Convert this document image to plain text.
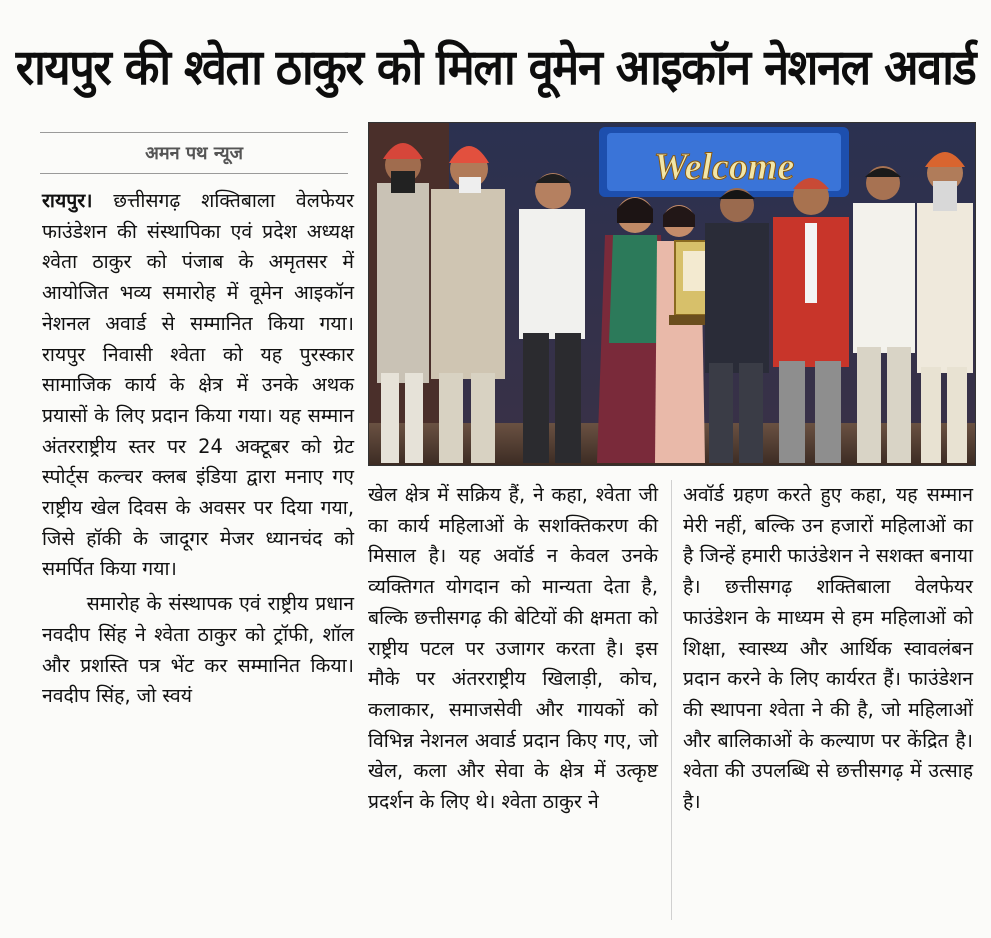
रायपुर की श्वेता ठाकुर को मिला वूमेन आइकॉन नेशनल अवार्ड
अमन पथ न्यूज

रायपुर। छत्तीसगढ़ शक्तिबाला वेलफेयर फाउंडेशन की संस्थापिका एवं प्रदेश अध्यक्ष श्वेता ठाकुर को पंजाब के अमृतसर में आयोजित भव्य समारोह में वूमेन आइकॉन नेशनल अवार्ड से सम्मानित किया गया। रायपुर निवासी श्वेता को यह पुरस्कार सामाजिक कार्य के क्षेत्र में उनके अथक प्रयासों के लिए प्रदान किया गया। यह सम्मान अंतरराष्ट्रीय स्तर पर 24 अक्टूबर को ग्रेट स्पोर्ट्स कल्चर क्लब इंडिया द्वारा मनाए गए राष्ट्रीय खेल दिवस के अवसर पर दिया गया, जिसे हॉकी के जादूगर मेजर ध्यानचंद को समर्पित किया गया।

समारोह के संस्थापक एवं राष्ट्रीय प्रधान नवदीप सिंह ने श्वेता ठाकुर को ट्रॉफी, शॉल और प्रशस्ति पत्र भेंट कर सम्मानित किया। नवदीप सिंह, जो स्वयं

Welcome

खेल क्षेत्र में सक्रिय हैं, ने कहा, श्वेता जी का कार्य महिलाओं के सशक्तिकरण की मिसाल है। यह अवॉर्ड न केवल उनके व्यक्तिगत योगदान को मान्यता देता है, बल्कि छत्तीसगढ़ की बेटियों की क्षमता को राष्ट्रीय पटल पर उजागर करता है। इस मौके पर अंतरराष्ट्रीय खिलाड़ी, कोच, कलाकार, समाजसेवी और गायकों को विभिन्न नेशनल अवार्ड प्रदान किए गए, जो खेल, कला और सेवा के क्षेत्र में उत्कृष्ट प्रदर्शन के लिए थे। श्वेता ठाकुर ने

अवॉर्ड ग्रहण करते हुए कहा, यह सम्मान मेरी नहीं, बल्कि उन हजारों महिलाओं का है जिन्हें हमारी फाउंडेशन ने सशक्त बनाया है। छत्तीसगढ़ शक्तिबाला वेलफेयर फाउंडेशन के माध्यम से हम महिलाओं को शिक्षा, स्वास्थ्य और आर्थिक स्वावलंबन प्रदान करने के लिए कार्यरत हैं। फाउंडेशन की स्थापना श्वेता ने की है, जो महिलाओं और बालिकाओं के कल्याण पर केंद्रित है। श्वेता की उपलब्धि से छत्तीसगढ़ में उत्साह है।
